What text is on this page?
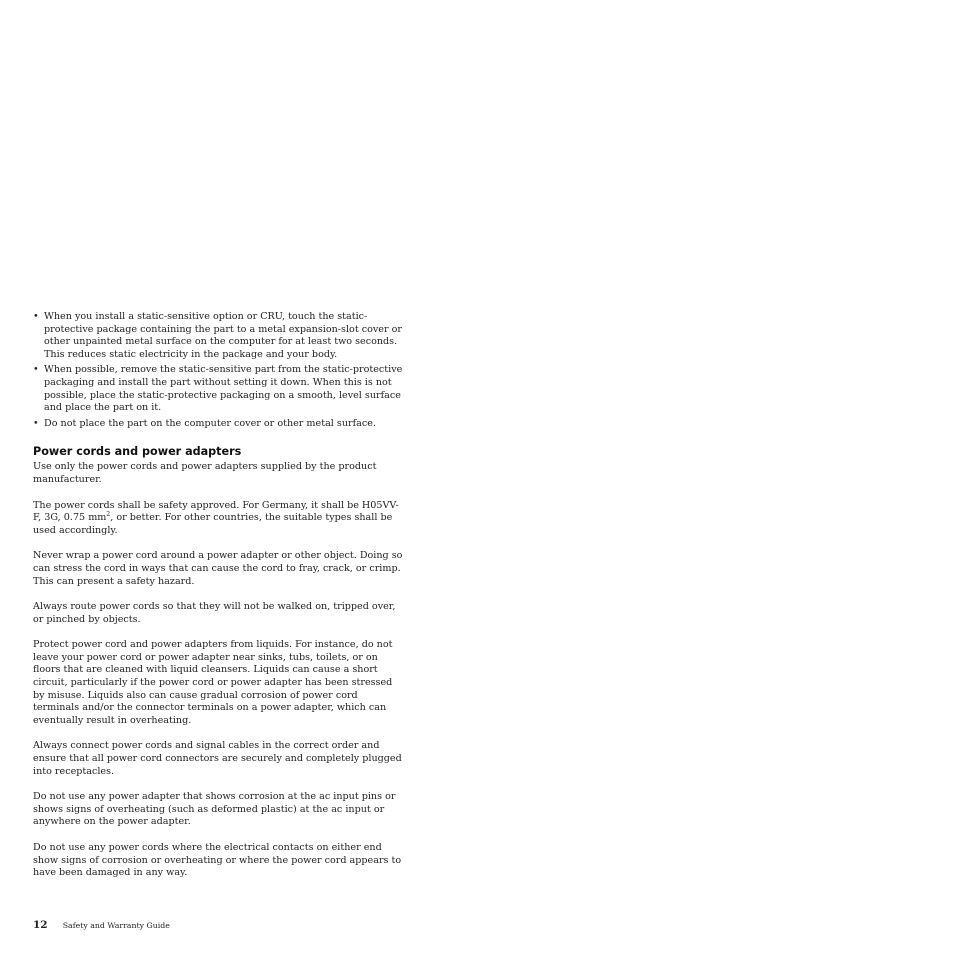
• When you install a static-sensitive option or CRU, touch the static-protective package containing the part to a metal expansion-slot cover or other unpainted metal surface on the computer for at least two seconds. This reduces static electricity in the package and your body.
• When possible, remove the static-sensitive part from the static-protective packaging and install the part without setting it down. When this is not possible, place the static-protective packaging on a smooth, level surface and place the part on it.
• Do not place the part on the computer cover or other metal surface.
Power cords and power adapters

Use only the power cords and power adapters supplied by the product manufacturer.

The power cords shall be safety approved. For Germany, it shall be H05VV-F, 3G, 0.75 $mm^2$, or better. For other countries, the suitable types shall be used accordingly.

Never wrap a power cord around a power adapter or other object. Doing so can stress the cord in ways that can cause the cord to fray, crack, or crimp. This can present a safety hazard.

Always route power cords so that they will not be walked on, tripped over, or pinched by objects.

Protect power cord and power adapters from liquids. For instance, do not leave your power cord or power adapter near sinks, tubs, toilets, or on floors that are cleaned with liquid cleansers. Liquids can cause a short circuit, particularly if the power cord or power adapter has been stressed by misuse. Liquids also can cause gradual corrosion of power cord terminals and/or the connector terminals on a power adapter, which can eventually result in overheating.

Always connect power cords and signal cables in the correct order and ensure that all power cord connectors are securely and completely plugged into receptacles.

Do not use any power adapter that shows corrosion at the ac input pins or shows signs of overheating (such as deformed plastic) at the ac input or anywhere on the power adapter.

Do not use any power cords where the electrical contacts on either end show signs of corrosion or overheating or where the power cord appears to have been damaged in any way.

12 Safety and Warranty Guide
